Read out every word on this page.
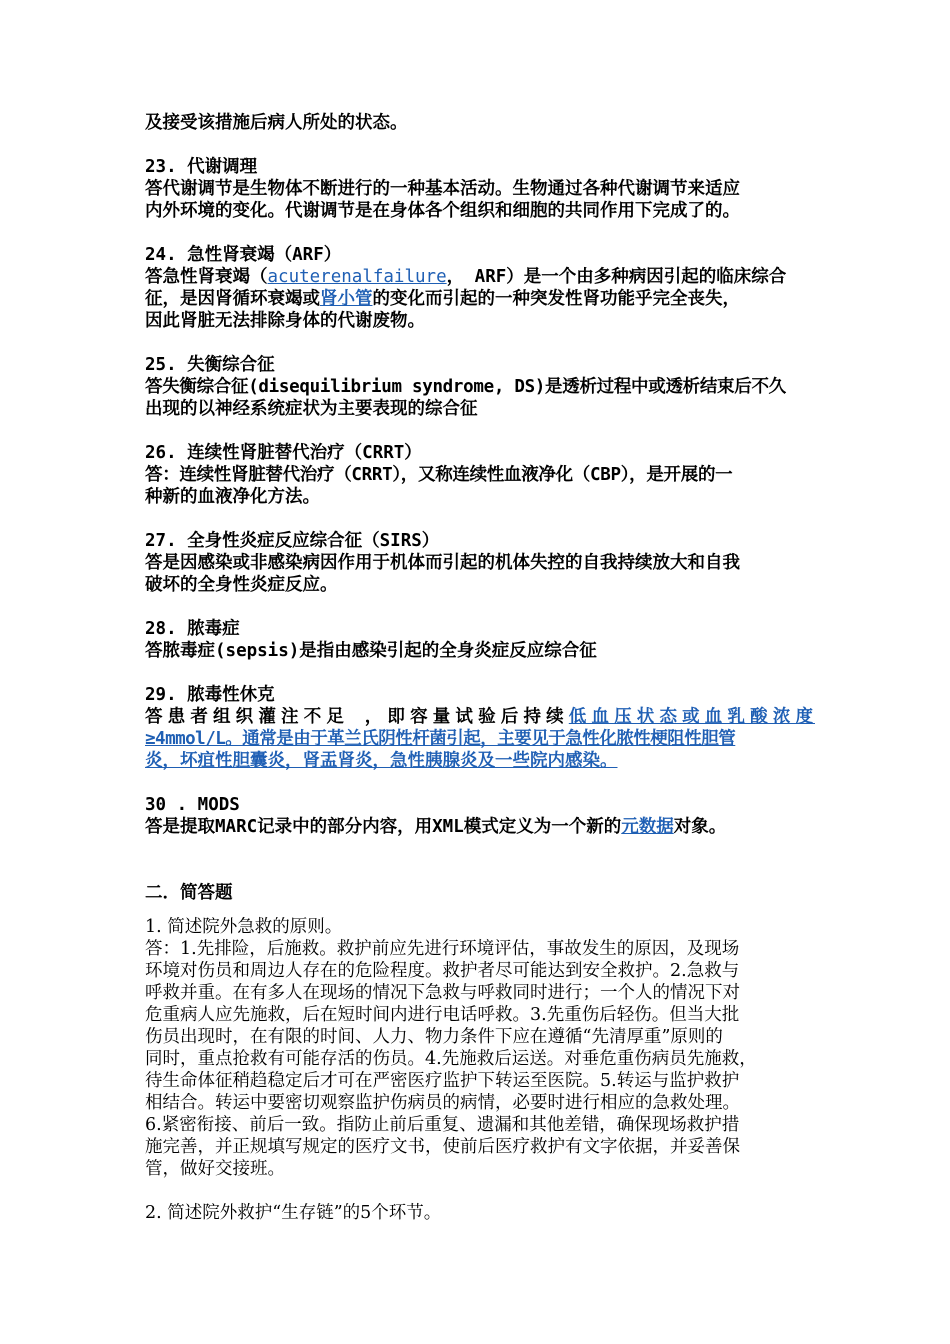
及接受该措施后病人所处的状态。

23. 代谢调理

答代谢调节是生物体不断进行的一种基本活动。生物通过各种代谢调节来适应

内外环境的变化。代谢调节是在身体各个组织和细胞的共同作用下完成了的。

24. 急性肾衰竭（ARF）

答急性肾衰竭（acuterenalfailure， ARF）是一个由多种病因引起的临床综合

征，是因肾循环衰竭或肾小管的变化而引起的一种突发性肾功能乎完全丧失，

因此肾脏无法排除身体的代谢废物。

25. 失衡综合征

答失衡综合征(disequilibrium syndrome, DS)是透析过程中或透析结束后不久

出现的以神经系统症状为主要表现的综合征

26. 连续性肾脏替代治疗（CRRT）

答：连续性肾脏替代治疗（CRRT），又称连续性血液净化（CBP），是开展的一

种新的血液净化方法。

27. 全身性炎症反应综合征（SIRS）

答是因感染或非感染病因作用于机体而引起的机体失控的自我持续放大和自我

破坏的全身性炎症反应。

28. 脓毒症

答脓毒症(sepsis)是指由感染引起的全身炎症反应综合征

29. 脓毒性休克

答患者组织灌注不足 ，即容量试验后持续低血压状态或血乳酸浓度

≥4mmol/L。通常是由于革兰氏阴性杆菌引起，主要见于急性化脓性梗阻性胆管

炎，坏疽性胆囊炎，肾盂肾炎，急性胰腺炎及一些院内感染。

30 . MODS

答是提取MARC记录中的部分内容，用XML模式定义为一个新的元数据对象。

二．简答题

1. 简述院外急救的原则。

答：1.先排险，后施救。救护前应先进行环境评估，事故发生的原因，及现场

环境对伤员和周边人存在的危险程度。救护者尽可能达到安全救护。2.急救与

呼救并重。在有多人在现场的情况下急救与呼救同时进行；一个人的情况下对

危重病人应先施救，后在短时间内进行电话呼救。3.先重伤后轻伤。但当大批

伤员出现时，在有限的时间、人力、物力条件下应在遵循“先清厚重”原则的

同时，重点抢救有可能存活的伤员。4.先施救后运送。对垂危重伤病员先施救，

待生命体征稍趋稳定后才可在严密医疗监护下转运至医院。5.转运与监护救护

相结合。转运中要密切观察监护伤病员的病情，必要时进行相应的急救处理。

6.紧密衔接、前后一致。指防止前后重复、遗漏和其他差错，确保现场救护措

施完善，并正规填写规定的医疗文书，使前后医疗救护有文字依据，并妥善保

管，做好交接班。

2. 简述院外救护“生存链”的5个环节。
